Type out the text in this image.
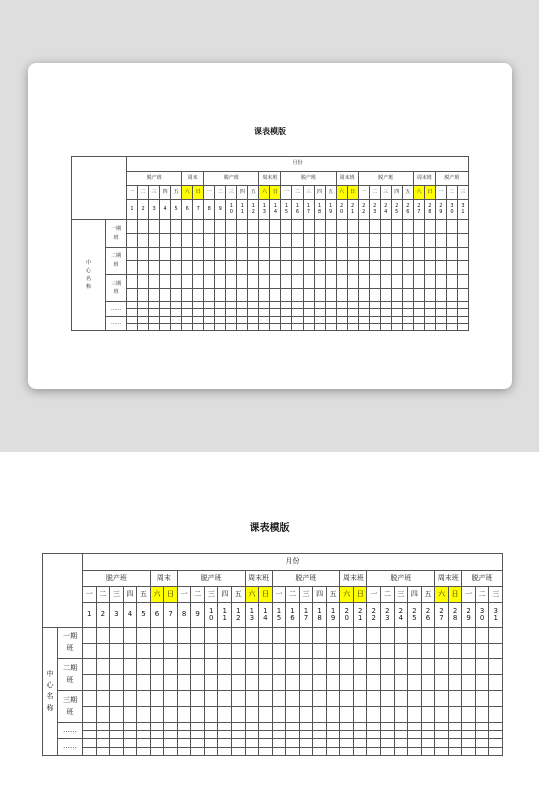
课表模版
		月份																														
		脱产班					周末		脱产班					周末班		脱产班					周末班		脱产班					周末班		脱产班		
		一	二	三	四	五	六	日	一	二	三	四	五	六	日	一	二	三	四	五	六	日	一	二	三	四	五	六	日	一	二	三
		1	2	3	4	5	6	7	8	9	10	11	12	13	14	15	16	17	18	19	20	21	22	23	24	25	26	27	28	29	30	31
中心名称	一期班																															

	二期班																															

	三期班																															

	……																															

	……																															

课表模版
		月份																														
		脱产班					周末		脱产班					周末班		脱产班					周末班		脱产班					周末班		脱产班		
		一	二	三	四	五	六	日	一	二	三	四	五	六	日	一	二	三	四	五	六	日	一	二	三	四	五	六	日	一	二	三
		1	2	3	4	5	6	7	8	9	10	11	12	13	14	15	16	17	18	19	20	21	22	23	24	25	26	27	28	29	30	31
中心名称	一期班																															

	二期班																															

	三期班																															

	……																															

	……																															
